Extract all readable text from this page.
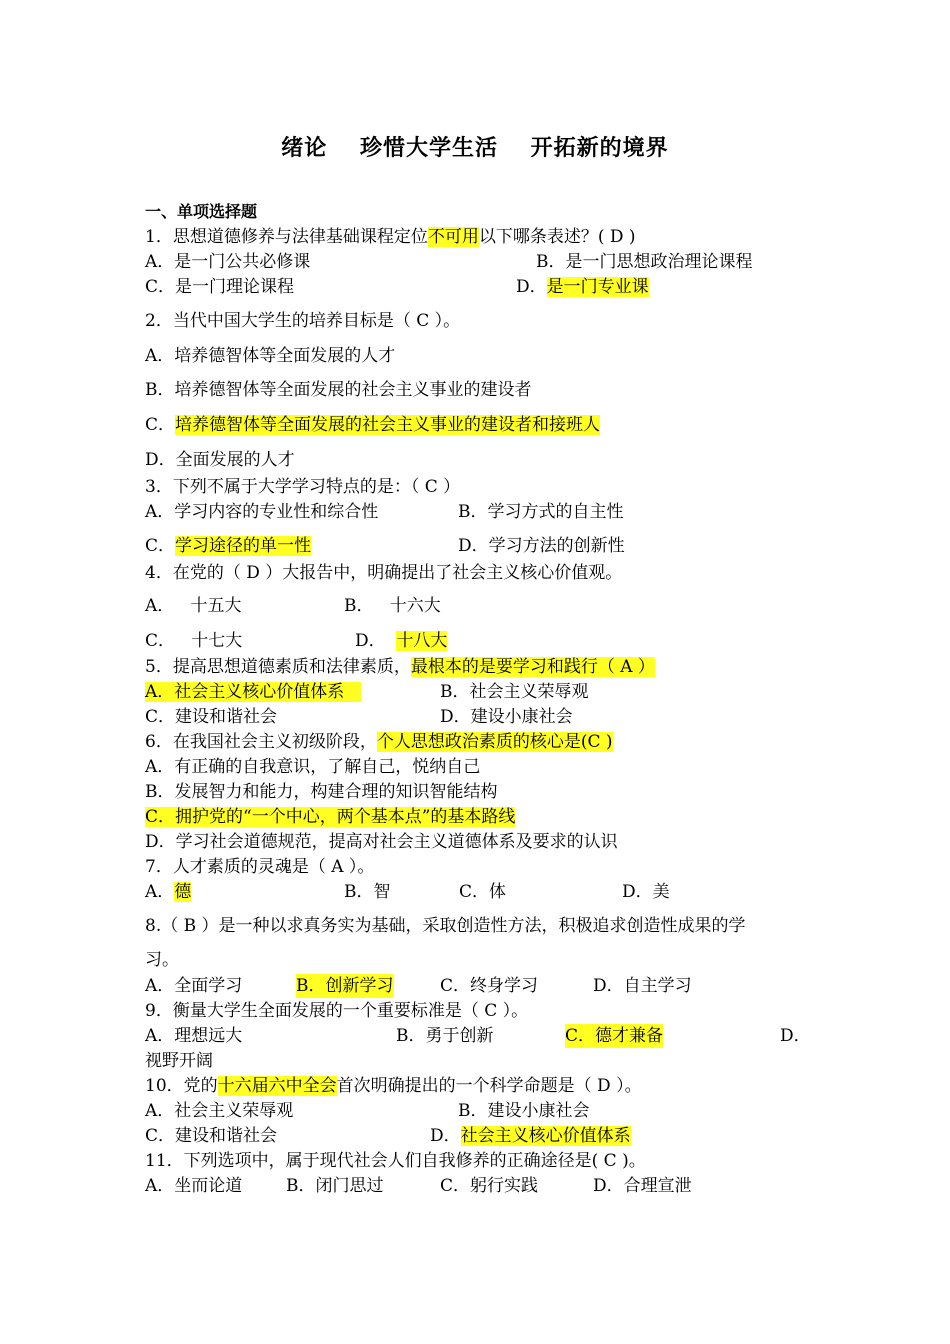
绪论 珍惜大学生活 开拓新的境界
一、单项选择题
1．思想道德修养与法律基础课程定位不可用以下哪条表述？( D )
A．是一门公共必修课	B．是一门思想政治理论课程
C．是一门理论课程	D．是一门专业课
2．当代中国大学生的培养目标是（ C ）。
A．培养德智体等全面发展的人才
B．培养德智体等全面发展的社会主义事业的建设者
C．培养德智体等全面发展的社会主义事业的建设者和接班人
D．全面发展的人才
3．下列不属于大学学习特点的是：（ C ）
A．学习内容的专业性和综合性	B．学习方式的自主性
C．学习途径的单一性	D．学习方法的创新性
4．在党的（ D ）大报告中，明确提出了社会主义核心价值观。
A．   十五大	B．   十六大
C．   十七大	D．  十八大
5．提高思想道德素质和法律素质，最根本的是要学习和践行（ A ）
A．社会主义核心价值体系	B．社会主义荣辱观
C．建设和谐社会	D．建设小康社会
6．在我国社会主义初级阶段，个人思想政治素质的核心是(C )
A．有正确的自我意识，了解自己，悦纳自己
B．发展智力和能力，构建合理的知识智能结构
C．拥护党的“一个中心，两个基本点”的基本路线
D．学习社会道德规范，提高对社会主义道德体系及要求的认识
7．人才素质的灵魂是（ A ）。
A．德	B．智	C．体	D．美
8.（ B ）是一种以求真务实为基础，采取创造性方法，积极追求创造性成果的学
习。
A．全面学习	B．创新学习	C．终身学习	D．自主学习
9．衡量大学生全面发展的一个重要标准是（ C ）。
A．理想远大	B．勇于创新	C．德才兼备	D．
视野开阔
10．党的十六届六中全会首次明确提出的一个科学命题是（ D ）。
A．社会主义荣辱观	B．建设小康社会
C．建设和谐社会	D．社会主义核心价值体系
11．下列选项中，属于现代社会人们自我修养的正确途径是( C )。
A．坐而论道	B．闭门思过	C．躬行实践	D．合理宣泄
